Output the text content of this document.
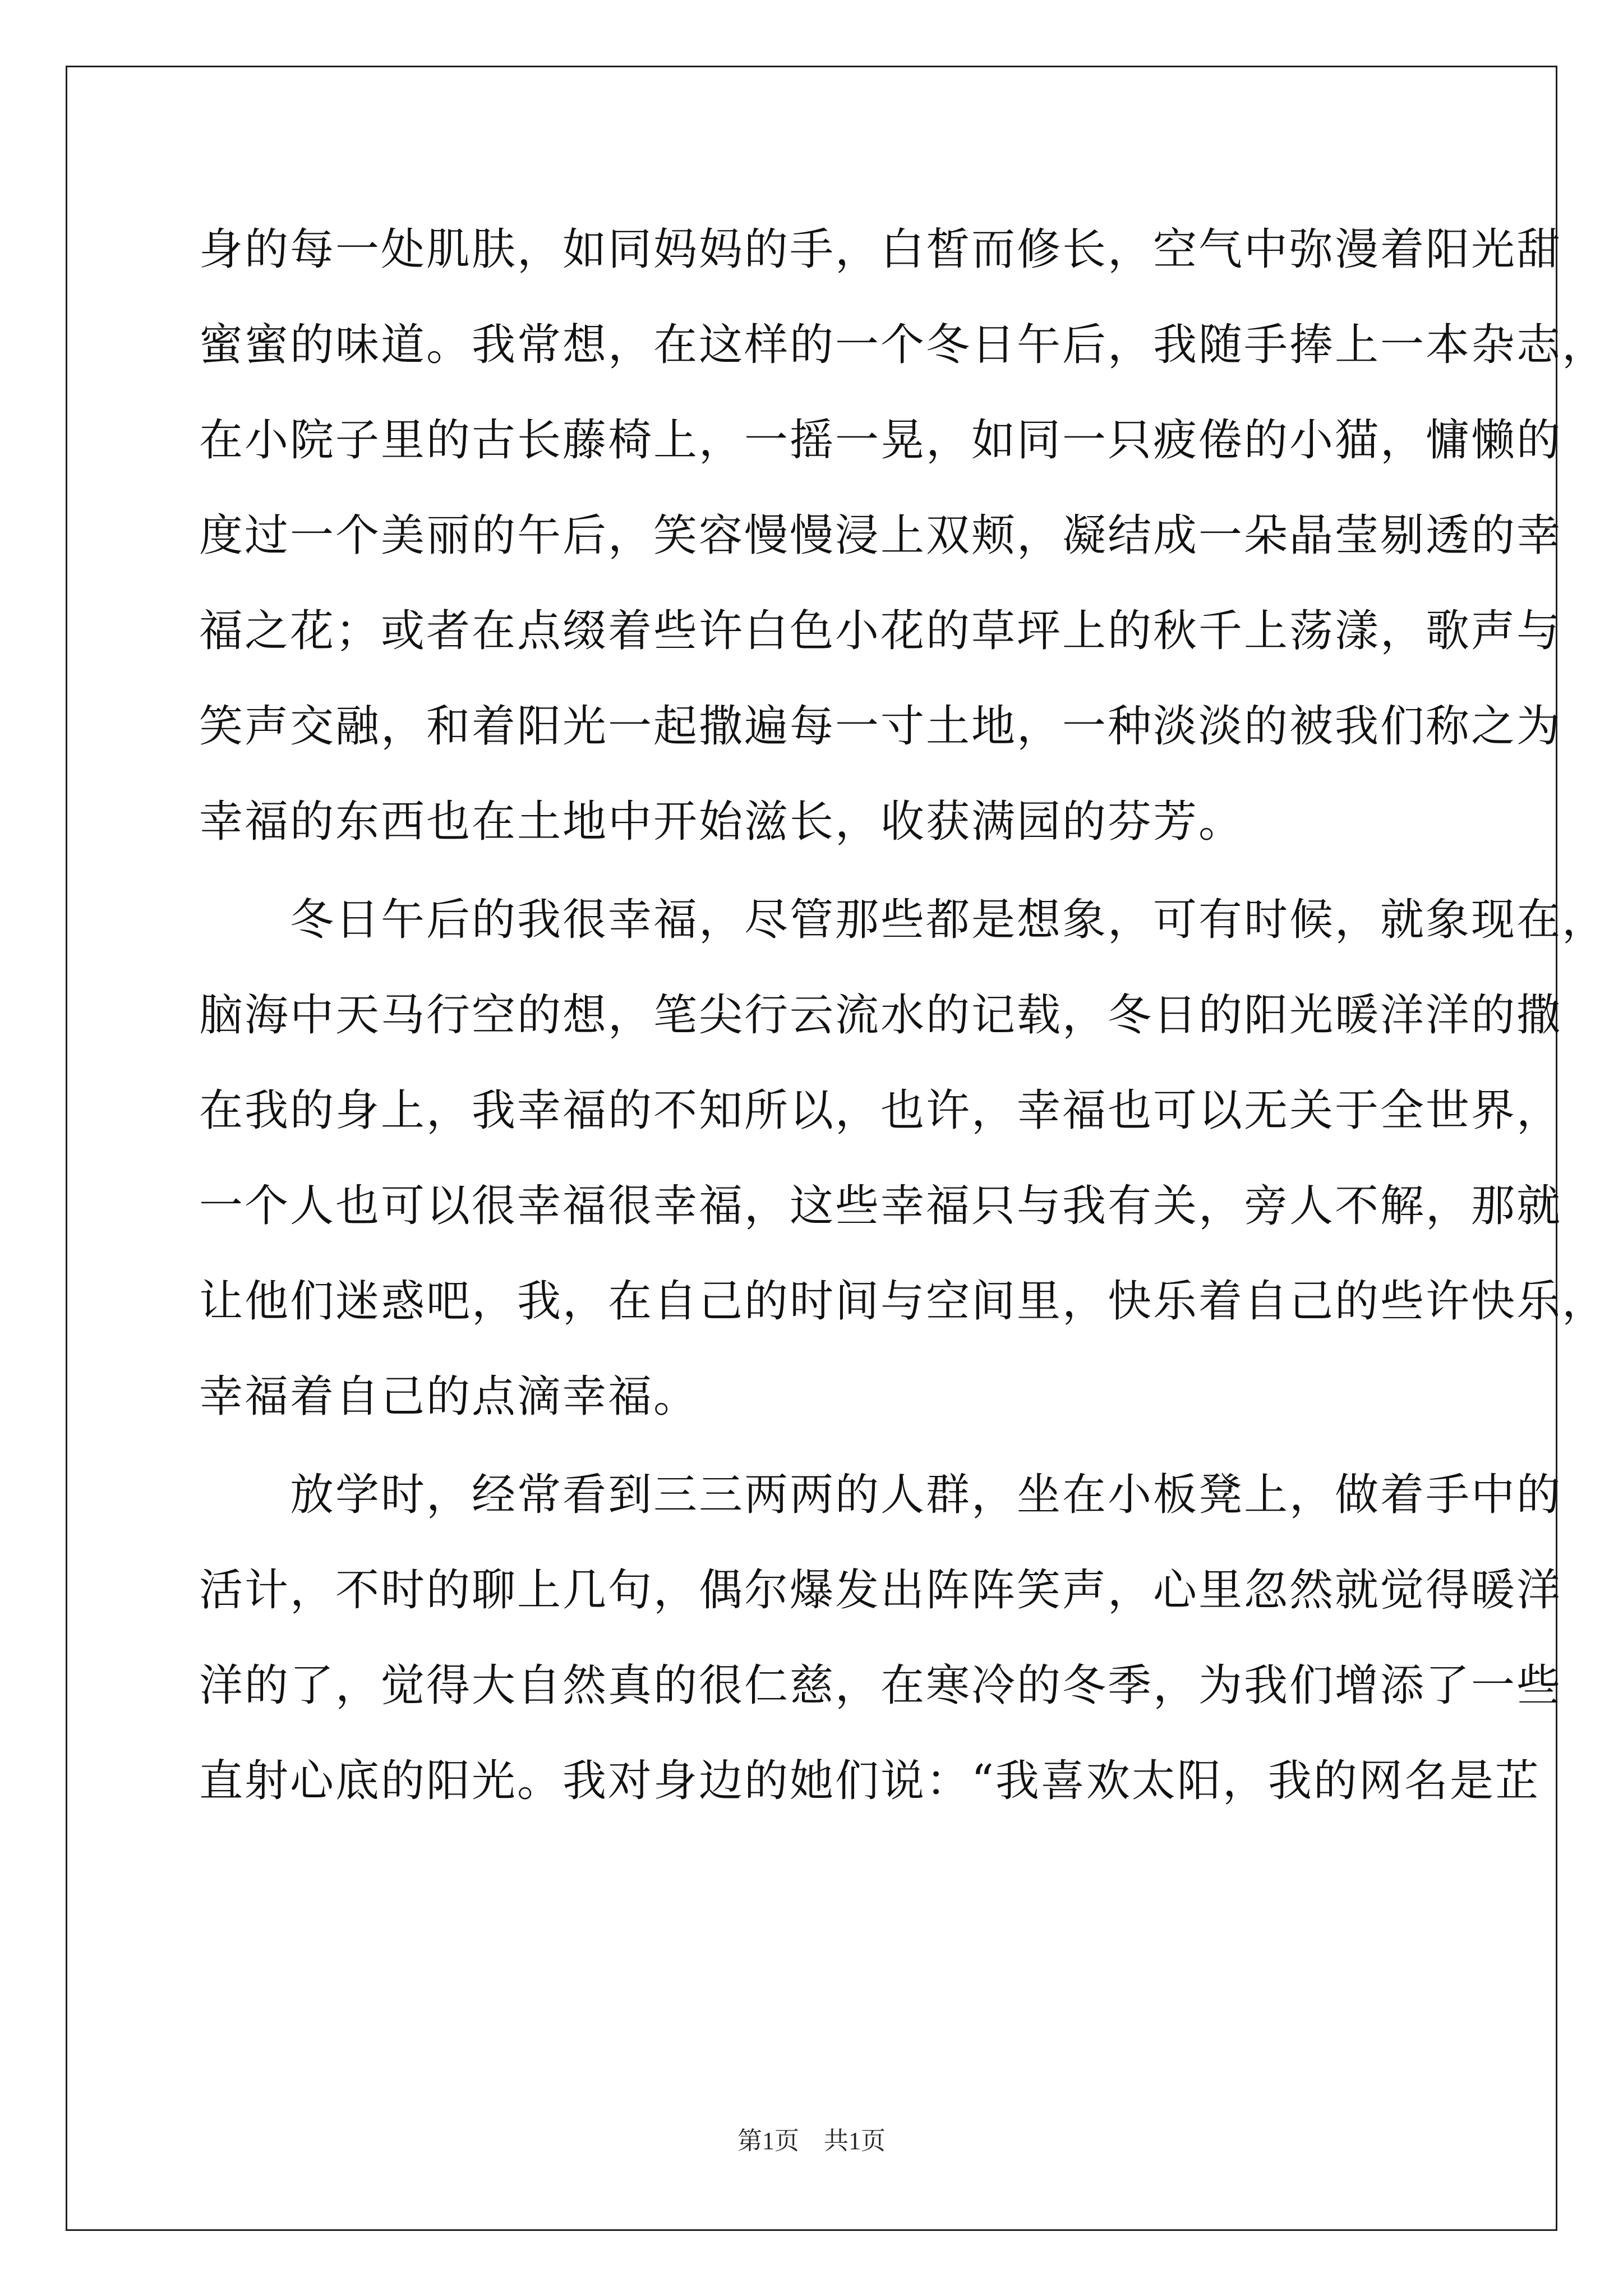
身的每一处肌肤，如同妈妈的手，白皙而修长，空气中弥漫着阳光甜
蜜蜜的味道。我常想，在这样的一个冬日午后，我随手捧上一本杂志，
在小院子里的古长藤椅上，一摇一晃，如同一只疲倦的小猫，慵懒的
度过一个美丽的午后，笑容慢慢浸上双颊，凝结成一朵晶莹剔透的幸
福之花；或者在点缀着些许白色小花的草坪上的秋千上荡漾，歌声与
笑声交融，和着阳光一起撒遍每一寸土地，一种淡淡的被我们称之为
幸福的东西也在土地中开始滋长，收获满园的芬芳。
　　冬日午后的我很幸福，尽管那些都是想象，可有时候，就象现在，
脑海中天马行空的想，笔尖行云流水的记载，冬日的阳光暖洋洋的撒
在我的身上，我幸福的不知所以，也许，幸福也可以无关于全世界，
一个人也可以很幸福很幸福，这些幸福只与我有关，旁人不解，那就
让他们迷惑吧，我，在自己的时间与空间里，快乐着自己的些许快乐，
幸福着自己的点滴幸福。
　　放学时，经常看到三三两两的人群，坐在小板凳上，做着手中的
活计，不时的聊上几句，偶尔爆发出阵阵笑声，心里忽然就觉得暖洋
洋的了，觉得大自然真的很仁慈，在寒冷的冬季，为我们增添了一些
直射心底的阳光。我对身边的她们说：“我喜欢太阳，我的网名是芷
第1页　共1页
